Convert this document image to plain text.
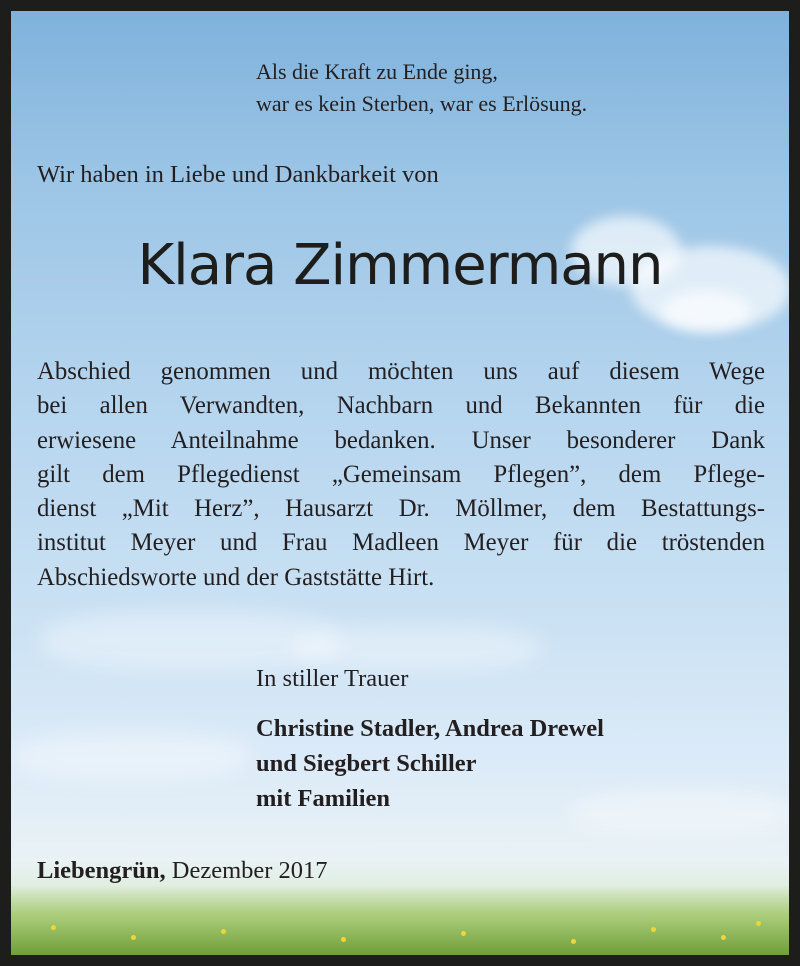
Als die Kraft zu Ende ging,
war es kein Sterben, war es Erlösung.
Wir haben in Liebe und Dankbarkeit von
Klara Zimmermann
Abschied genommen und möchten uns auf diesem Wege
bei allen Verwandten, Nachbarn und Bekannten für die
erwiesene Anteilnahme bedanken. Unser besonderer Dank
gilt dem Pflegedienst „Gemeinsam Pflegen”, dem Pflege-
dienst „Mit Herz”, Hausarzt Dr. Möllmer, dem Bestattungs-
institut Meyer und Frau Madleen Meyer für die tröstenden
Abschiedsworte und der Gaststätte Hirt.
In stiller Trauer
Christine Stadler, Andrea Drewel
und Siegbert Schiller
mit Familien
Liebengrün, Dezember 2017
